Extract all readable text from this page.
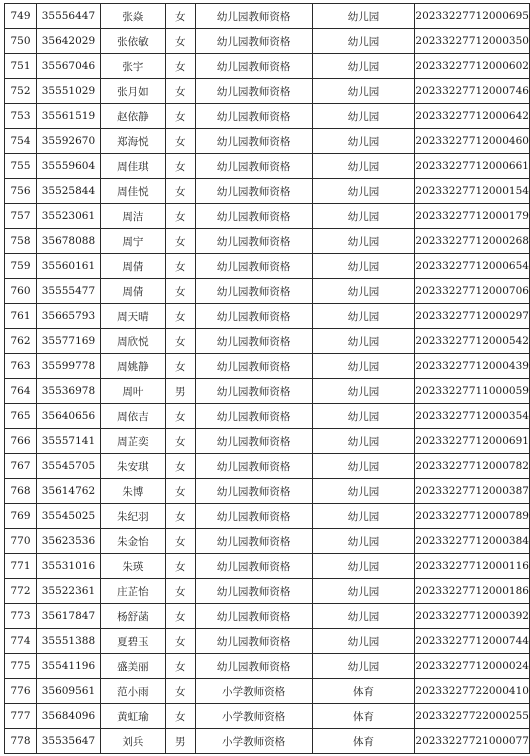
749	35556447	张焱	女	幼儿园教师资格	幼儿园	20233227712000695
750	35642029	张依敏	女	幼儿园教师资格	幼儿园	20233227712000350
751	35567046	张宇	女	幼儿园教师资格	幼儿园	20233227712000602
752	35551029	张月如	女	幼儿园教师资格	幼儿园	20233227712000746
753	35561519	赵依静	女	幼儿园教师资格	幼儿园	20233227712000642
754	35592670	郑海悦	女	幼儿园教师资格	幼儿园	20233227712000460
755	35559604	周佳琪	女	幼儿园教师资格	幼儿园	20233227712000661
756	35525844	周佳悦	女	幼儿园教师资格	幼儿园	20233227712000154
757	35523061	周洁	女	幼儿园教师资格	幼儿园	20233227712000179
758	35678088	周宁	女	幼儿园教师资格	幼儿园	20233227712000268
759	35560161	周倩	女	幼儿园教师资格	幼儿园	20233227712000654
760	35555477	周倩	女	幼儿园教师资格	幼儿园	20233227712000706
761	35665793	周天晴	女	幼儿园教师资格	幼儿园	20233227712000297
762	35577169	周欣悦	女	幼儿园教师资格	幼儿园	20233227712000542
763	35599778	周姚静	女	幼儿园教师资格	幼儿园	20233227712000439
764	35536978	周叶	男	幼儿园教师资格	幼儿园	20233227711000059
765	35640656	周依吉	女	幼儿园教师资格	幼儿园	20233227712000354
766	35557141	周芷奕	女	幼儿园教师资格	幼儿园	20233227712000691
767	35545705	朱安琪	女	幼儿园教师资格	幼儿园	20233227712000782
768	35614762	朱博	女	幼儿园教师资格	幼儿园	20233227712000387
769	35545025	朱纪羽	女	幼儿园教师资格	幼儿园	20233227712000789
770	35623536	朱金怡	女	幼儿园教师资格	幼儿园	20233227712000384
771	35531016	朱瑛	女	幼儿园教师资格	幼儿园	20233227712000116
772	35522361	庄芷怡	女	幼儿园教师资格	幼儿园	20233227712000186
773	35617847	杨舒菡	女	幼儿园教师资格	幼儿园	20233227712000392
774	35551388	夏碧玉	女	幼儿园教师资格	幼儿园	20233227712000744
775	35541196	盛美丽	女	幼儿园教师资格	幼儿园	20233227712000024
776	35609561	范小雨	女	小学教师资格	体育	20233227722000410
777	35684096	黄虹瑜	女	小学教师资格	体育	20233227722000255
778	35535647	刘兵	男	小学教师资格	体育	20233227721000077
